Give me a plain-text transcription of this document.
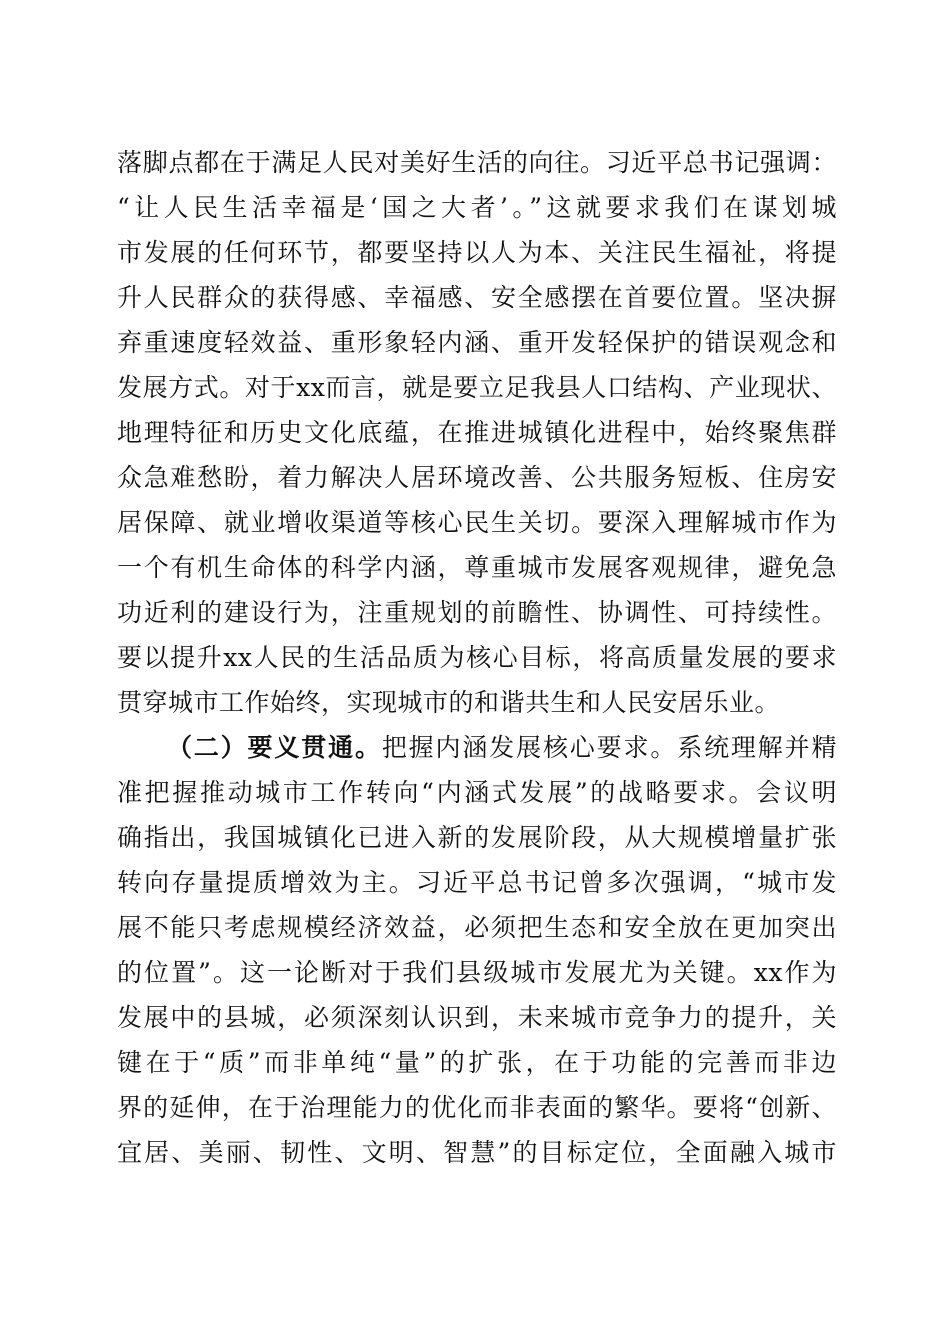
落脚点都在于满足人民对美好生活的向往。习近平总书记强调：
“让人民生活幸福是‘国之大者’。”这就要求我们在谋划城
市发展的任何环节，都要坚持以人为本、关注民生福祉，将提
升人民群众的获得感、幸福感、安全感摆在首要位置。坚决摒
弃重速度轻效益、重形象轻内涵、重开发轻保护的错误观念和
发展方式。对于xx而言，就是要立足我县人口结构、产业现状、
地理特征和历史文化底蕴，在推进城镇化进程中，始终聚焦群
众急难愁盼，着力解决人居环境改善、公共服务短板、住房安
居保障、就业增收渠道等核心民生关切。要深入理解城市作为
一个有机生命体的科学内涵，尊重城市发展客观规律，避免急
功近利的建设行为，注重规划的前瞻性、协调性、可持续性。
要以提升xx人民的生活品质为核心目标，将高质量发展的要求
贯穿城市工作始终，实现城市的和谐共生和人民安居乐业。
（二）要义贯通。把握内涵发展核心要求。系统理解并精
准把握推动城市工作转向“内涵式发展”的战略要求。会议明
确指出，我国城镇化已进入新的发展阶段，从大规模增量扩张
转向存量提质增效为主。习近平总书记曾多次强调，“城市发
展不能只考虑规模经济效益，必须把生态和安全放在更加突出
的位置”。这一论断对于我们县级城市发展尤为关键。xx作为
发展中的县城，必须深刻认识到，未来城市竞争力的提升，关
键在于“质”而非单纯“量”的扩张，在于功能的完善而非边
界的延伸，在于治理能力的优化而非表面的繁华。要将“创新、
宜居、美丽、韧性、文明、智慧”的目标定位，全面融入城市
